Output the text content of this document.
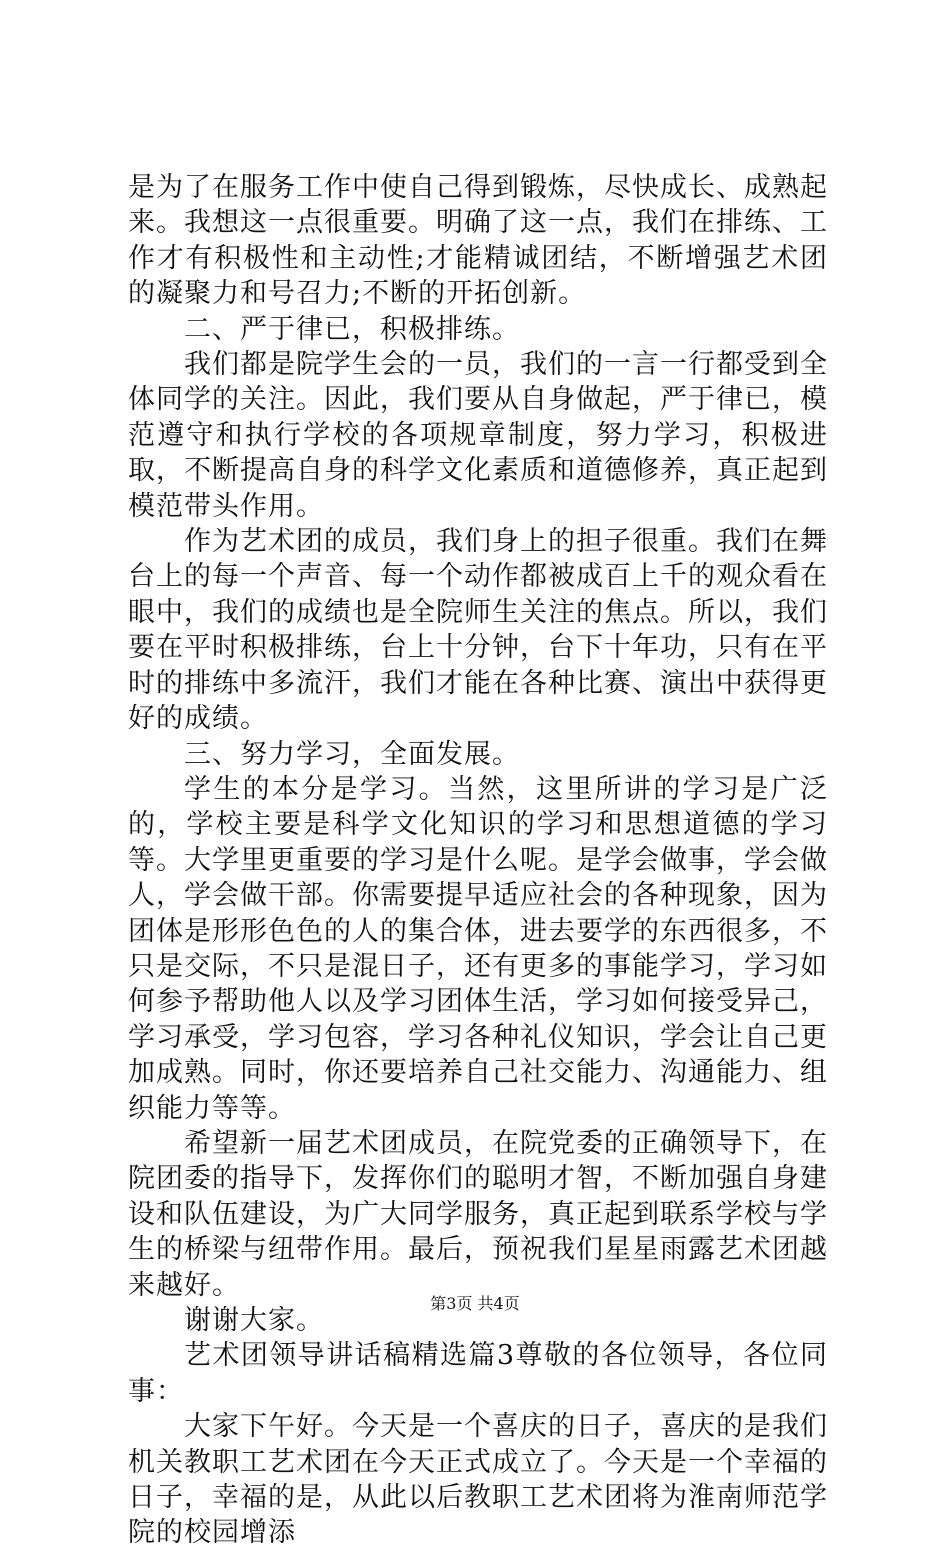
是为了在服务工作中使自己得到锻炼，尽快成长、成熟起来。我想这一点很重要。明确了这一点，我们在排练、工作才有积极性和主动性;才能精诚团结，不断增强艺术团的凝聚力和号召力;不断的开拓创新。

二、严于律已，积极排练。

我们都是院学生会的一员，我们的一言一行都受到全体同学的关注。因此，我们要从自身做起，严于律已，模范遵守和执行学校的各项规章制度，努力学习，积极进取，不断提高自身的科学文化素质和道德修养，真正起到模范带头作用。

作为艺术团的成员，我们身上的担子很重。我们在舞台上的每一个声音、每一个动作都被成百上千的观众看在眼中，我们的成绩也是全院师生关注的焦点。所以，我们要在平时积极排练，台上十分钟，台下十年功，只有在平时的排练中多流汗，我们才能在各种比赛、演出中获得更好的成绩。

三、努力学习，全面发展。

学生的本分是学习。当然，这里所讲的学习是广泛的，学校主要是科学文化知识的学习和思想道德的学习等。大学里更重要的学习是什么呢。是学会做事，学会做人，学会做干部。你需要提早适应社会的各种现象，因为团体是形形色色的人的集合体，进去要学的东西很多，不只是交际，不只是混日子，还有更多的事能学习，学习如何参予帮助他人以及学习团体生活，学习如何接受异己，学习承受，学习包容，学习各种礼仪知识，学会让自己更加成熟。同时，你还要培养自己社交能力、沟通能力、组织能力等等。

希望新一届艺术团成员，在院党委的正确领导下，在院团委的指导下，发挥你们的聪明才智，不断加强自身建设和队伍建设，为广大同学服务，真正起到联系学校与学生的桥梁与纽带作用。最后，预祝我们星星雨露艺术团越来越好。

谢谢大家。

艺术团领导讲话稿精选篇3尊敬的各位领导，各位同事：

大家下午好。今天是一个喜庆的日子，喜庆的是我们机关教职工艺术团在今天正式成立了。今天是一个幸福的日子，幸福的是，从此以后教职工艺术团将为淮南师范学院的校园增添

第3页 共4页
